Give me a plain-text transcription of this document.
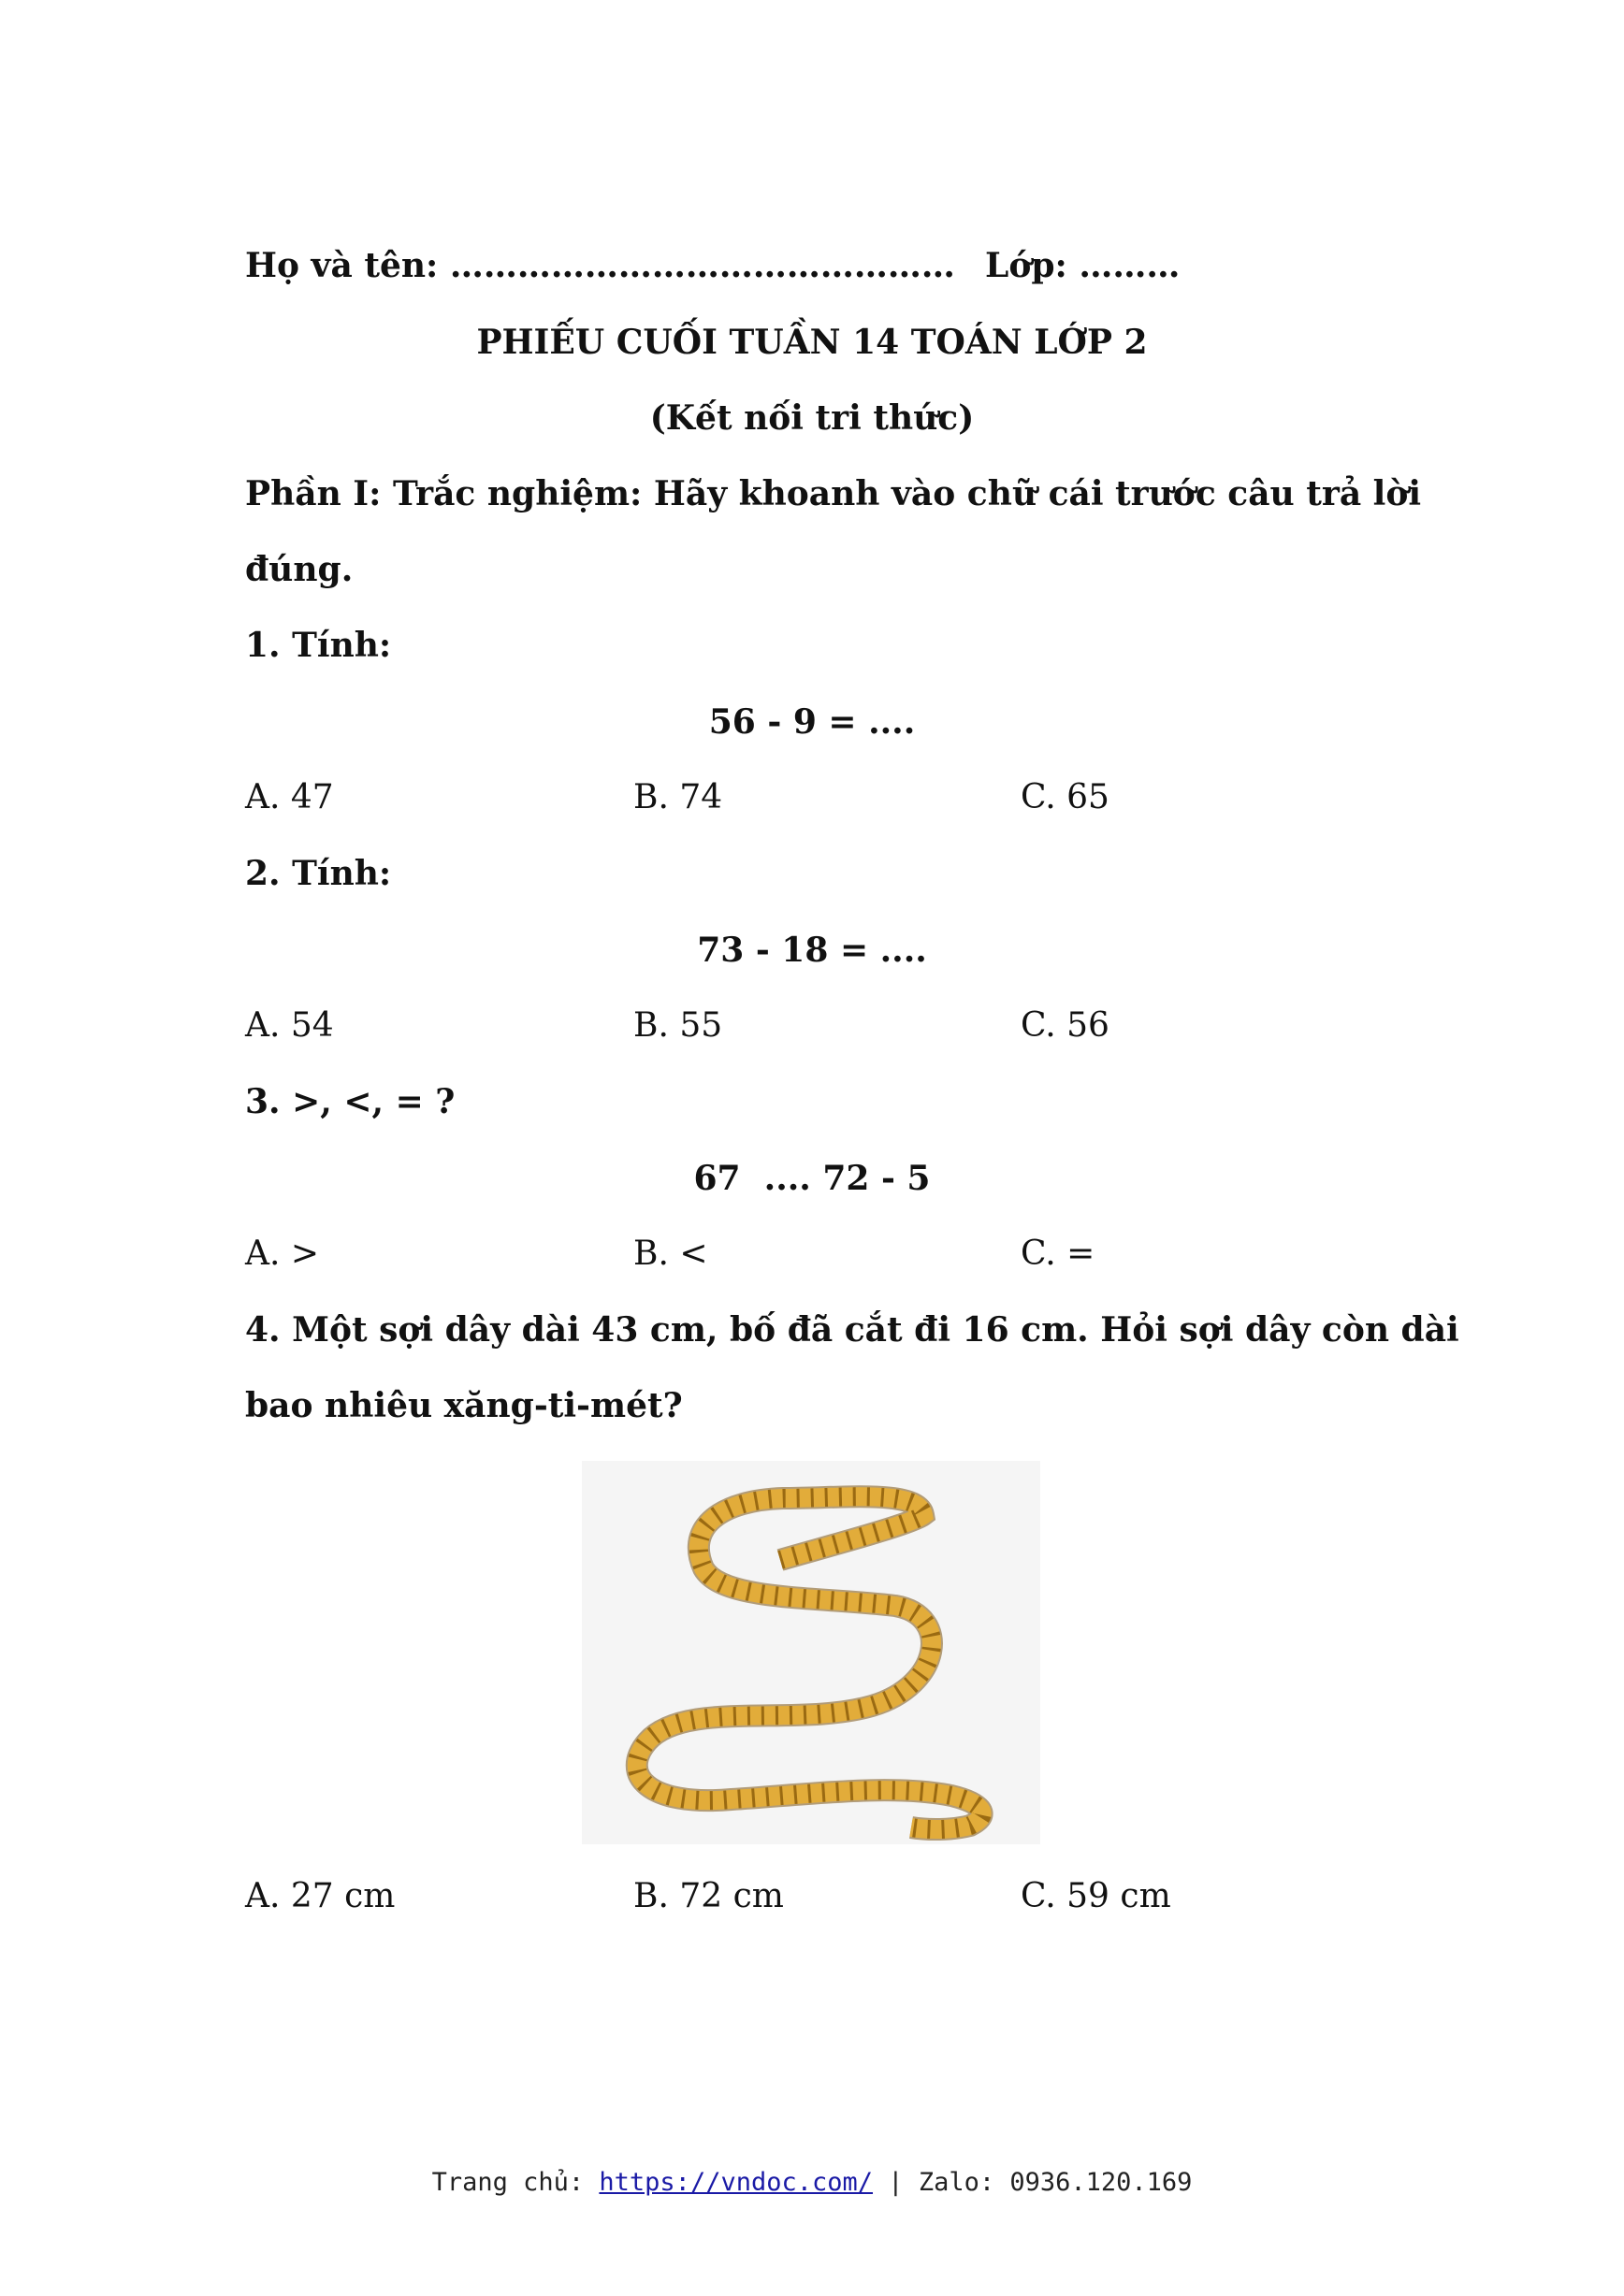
Họ và tên: ……………………………………… Lớp: ………
PHIẾU CUỐI TUẦN 14 TOÁN LỚP 2
(Kết nối tri thức)
Phần I: Trắc nghiệm: Hãy khoanh vào chữ cái trước câu trả lời
đúng.
1. Tính:
56 - 9 = ....
A. 47	B. 74	C. 65
2. Tính:
73 - 18 = ....
A. 54	B. 55	C. 56
3. >, <, = ?
67  .... 72 - 5
A. >	B. <	C. =
4. Một sợi dây dài 43 cm, bố đã cắt đi 16 cm. Hỏi sợi dây còn dài
bao nhiêu xăng-ti-mét?
A. 27 cm	B. 72 cm	C. 59 cm
Trang chủ: https://vndoc.com/ | Zalo: 0936.120.169
